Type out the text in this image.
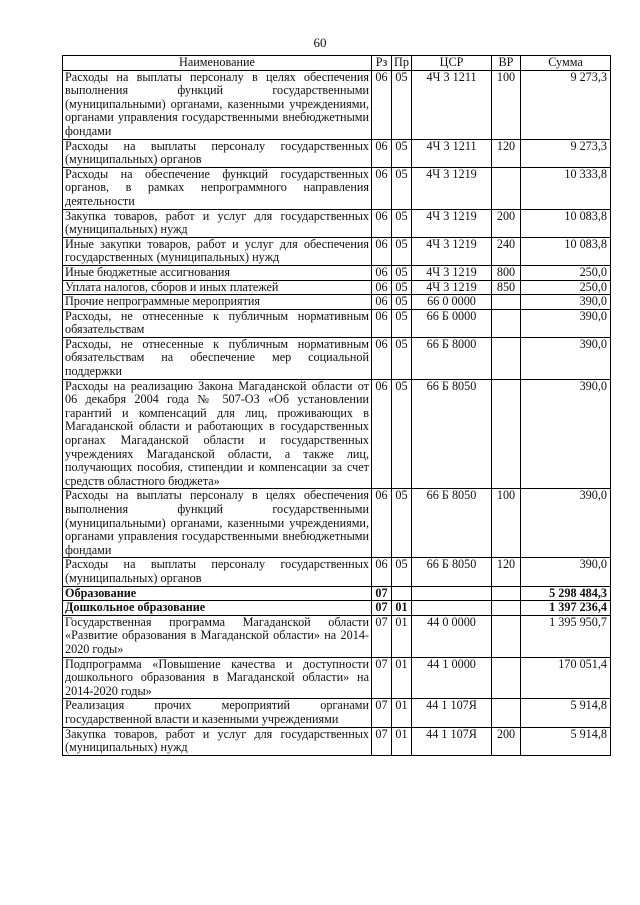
60
Наименование	Рз	Пр	ЦСР	ВР	Сумма
Расходы на выплаты персоналу в целях обеспечения выполнения функций государственными (муниципальными) органами, казенными учреждениями, органами управления государственными внебюджетными фондами	06	05	4Ч 3 1211	100	9 273,3
Расходы на выплаты персоналу государственных (муниципальных) органов	06	05	4Ч 3 1211	120	9 273,3
Расходы на обеспечение функций государственных органов, в рамках непрограммного направления деятельности	06	05	4Ч 3 1219		10 333,8
Закупка товаров, работ и услуг для государственных (муниципальных) нужд	06	05	4Ч 3 1219	200	10 083,8
Иные закупки товаров, работ и услуг для обеспечения государственных (муниципальных) нужд	06	05	4Ч 3 1219	240	10 083,8
Иные бюджетные ассигнования	06	05	4Ч 3 1219	800	250,0
Уплата налогов, сборов и иных платежей	06	05	4Ч 3 1219	850	250,0
Прочие непрограммные мероприятия	06	05	66 0 0000		390,0
Расходы, не отнесенные к публичным нормативным обязательствам	06	05	66 Б 0000		390,0
Расходы, не отнесенные к публичным нормативным обязательствам на обеспечение мер социальной поддержки	06	05	66 Б 8000		390,0
Расходы на реализацию Закона Магаданской области от 06 декабря 2004 года № 507-ОЗ «Об установлении гарантий и компенсаций для лиц, проживающих в Магаданской области и работающих в государственных органах Магаданской области и государственных учреждениях Магаданской области, а также лиц, получающих пособия, стипендии и компенсации за счет средств областного бюджета»	06	05	66 Б 8050		390,0
Расходы на выплаты персоналу в целях обеспечения выполнения функций государственными (муниципальными) органами, казенными учреждениями, органами управления государственными внебюджетными фондами	06	05	66 Б 8050	100	390,0
Расходы на выплаты персоналу государственных (муниципальных) органов	06	05	66 Б 8050	120	390,0
Образование	07				5 298 484,3
Дошкольное образование	07	01			1 397 236,4
Государственная программа Магаданской области «Развитие образования в Магаданской области» на 2014-2020 годы»	07	01	44 0 0000		1 395 950,7
Подпрограмма «Повышение качества и доступности дошкольного образования в Магаданской области» на 2014-2020 годы»	07	01	44 1 0000		170 051,4
Реализация прочих мероприятий органами государственной власти и казенными учреждениями	07	01	44 1 107Я		5 914,8
Закупка товаров, работ и услуг для государственных (муниципальных) нужд	07	01	44 1 107Я	200	5 914,8
